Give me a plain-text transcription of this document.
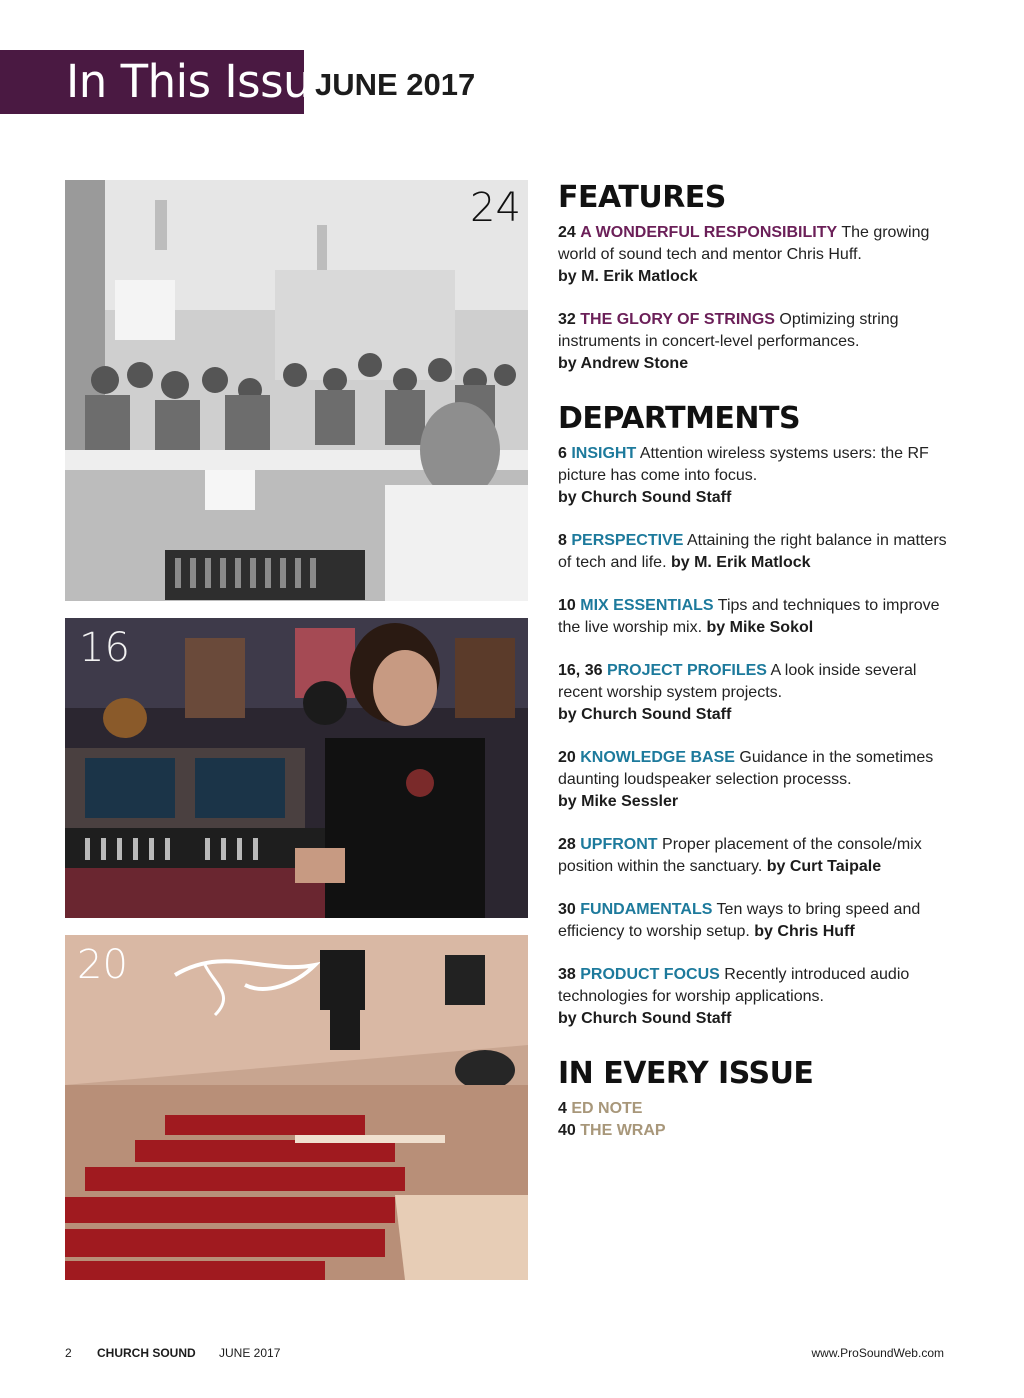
In This Issue
JUNE 2017
24
16
20
FEATURES
24 A WONDERFUL RESPONSIBILITY The growing world of sound tech and mentor Chris Huff.
by M. Erik Matlock
32 THE GLORY OF STRINGS Optimizing string instruments in concert-level performances.
by Andrew Stone
DEPARTMENTS
6 INSIGHT Attention wireless systems users: the RF picture has come into focus.
by Church Sound Staff
8 PERSPECTIVE Attaining the right balance in matters of tech and life. by M. Erik Matlock
10 MIX ESSENTIALS Tips and techniques to improve the live worship mix. by Mike Sokol
16, 36 PROJECT PROFILES A look inside several recent worship system projects.
by Church Sound Staff
20 KNOWLEDGE BASE Guidance in the sometimes daunting loudspeaker selection processs.
by Mike Sessler
28 UPFRONT Proper placement of the console/mix position within the sanctuary. by Curt Taipale
30 FUNDAMENTALS Ten ways to bring speed and efficiency to worship setup. by Chris Huff
38 PRODUCT FOCUS Recently introduced audio technologies for worship applications.
by Church Sound Staff
IN EVERY ISSUE
4 ED NOTE
40 THE WRAP
2 CHURCH SOUND JUNE 2017	www.ProSoundWeb.com
